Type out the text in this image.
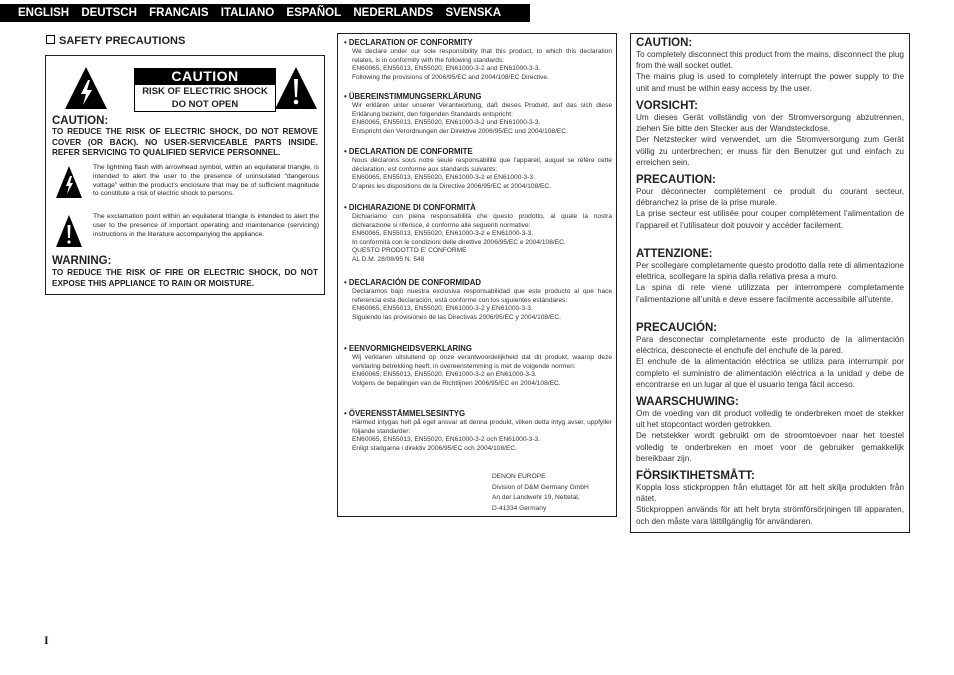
ENGLISH DEUTSCH FRANCAIS ITALIANO ESPAÑOL NEDERLANDS SVENSKA
SAFETY PRECAUTIONS
CAUTION
RISK OF ELECTRIC SHOCK
DO NOT OPEN
CAUTION:
TO REDUCE THE RISK OF ELECTRIC SHOCK, DO NOT REMOVE COVER (OR BACK). NO USER-SERVICEABLE PARTS INSIDE. REFER SERVICING TO QUALIFIED SERVICE PERSONNEL.
The lightning flash with arrowhead symbol, within an equilateral triangle, is intended to alert the user to the presence of uninsulated “dangerous voltage” within the product’s enclosure that may be of sufficient magnitude to constitute a risk of electric shock to persons.
The exclamation point within an equilateral triangle is intended to alert the user to the presence of important operating and maintenance (servicing) instructions in the literature accompanying the appliance.
WARNING:
TO REDUCE THE RISK OF FIRE OR ELECTRIC SHOCK, DO NOT EXPOSE THIS APPLIANCE TO RAIN OR MOISTURE.
• DECLARATION OF CONFORMITY
We declare under our sole responsibility that this product, to which this declaration relates, is in conformity with the following standards:
EN60065, EN55013, EN55020, EN61000-3-2 and EN61000-3-3.
Following the provisions of 2006/95/EC and 2004/108/EC Directive.
• ÜBEREINSTIMMUNGSERKLÄRUNG
Wir erklären unter unserer Verantwortung, daß dieses Produkt, auf das sich diese Erklärung bezieht, den folgenden Standards entspricht:
EN60065, EN55013, EN55020, EN61000-3-2 und EN61000-3-3.
Entspricht den Verordnungen der Direktive 2006/95/EC und 2004/108/EC.
• DECLARATION DE CONFORMITE
Nous déclarons sous notre seule responsabilité que l’appareil, auquel se réfère cette déclaration, est conforme aux standards suivants:
EN60065, EN55013, EN55020, EN61000-3-2 et EN61000-3-3.
D’après les dispositions de la Directive 2006/95/EC et 2004/108/EC.
• DICHIARAZIONE DI CONFORMITÀ
Dichiariamo con piena responsabilità che questo prodotto, al quale la nostra dichiarazione si riferisce, è conforme alle seguenti normative:
EN60065, EN55013, EN55020, EN61000-3-2 e EN61000-3-3.
In conformità con le condizioni delle direttive 2006/95/EC e 2004/108/EC.
QUESTO PRODOTTO E’ CONFORME
AL D.M. 28/08/95 N. 548
• DECLARACIÓN DE CONFORMIDAD
Declaramos bajo nuestra exclusiva responsabilidad que este producto al que hace referencia esta declaración, está conforme con los siguientes estándares:
EN60065, EN55013, EN55020, EN61000-3-2 y EN61000-3-3.
Siguiendo las provisiones de las Directivas 2006/95/EC y 2004/108/EC.
• EENVORMIGHEIDSVERKLARING
Wij verklaren uitsluitend op onze verantwoordelijkheid dat dit produkt, waarop deze verklaring betrekking heeft, in overeenstemming is met de volgende normen:
EN60065, EN55013, EN55020, EN61000-3-2 en EN61000-3-3.
Volgens de bepalingen van de Richtlijnen 2006/95/EC en 2004/108/EC.
• ÖVERENSSTÄMMELSESINTYG
Härmed intygas helt på eget ansvar att denna produkt, vilken detta intyg avser, uppfyller följande standarder:
EN60065, EN55013, EN55020, EN61000-3-2 och EN61000-3-3.
Enligt stadgarna i direktiv 2006/95/EC och 2004/108/EC.
DENON EUROPE
Division of D&M Germany GmbH
An der Landwehr 19, Nettetal,
D-41334 Germany
CAUTION:
To completely disconnect this product from the mains, disconnect the plug from the wall socket outlet.
The mains plug is used to completely interrupt the power supply to the unit and must be within easy access by the user.
VORSICHT:
Um dieses Gerät vollständig von der Stromversorgung abzutrennen, ziehen Sie bitte den Stecker aus der Wandsteckdose.
Der Netzstecker wird verwendet, um die Stromversorgung zum Gerät völlig zu unterbrechen; er muss für den Benutzer gut und einfach zu erreichen sein.
PRECAUTION:
Pour déconnecter complètement ce produit du courant secteur, débranchez la prise de la prise murale.
La prise secteur est utilisée pour couper complètement l’alimentation de l’appareil et l’utilisateur doit pouvoir y accéder facilement.
ATTENZIONE:
Per scollegare completamente questo prodotto dalla rete di alimentazione elettrica, scollegare la spina dalla relativa presa a muro.
La spina di rete viene utilizzata per interrompere completamente l’alimentazione all’unità e deve essere facilmente accessibile all’utente.
PRECAUCIÓN:
Para desconectar completamente este producto de la alimentación eléctrica, desconecte el enchufe del enchufe de la pared.
El enchufe de la alimentación eléctrica se utiliza para interrumpir por completo el suministro de alimentación eléctrica a la unidad y debe de encontrarse en un lugar al que el usuario tenga fácil acceso.
WAARSCHUWING:
Om de voeding van dit product volledig te onderbreken moet de stekker uit het stopcontact worden getrokken.
De netstekker wordt gebruikt om de stroomtoevoer naar het toestel volledig te onderbreken en moet voor de gebruiker gemakkelijk bereikbaar zijn.
FÖRSIKTIHETSMÅTT:
Koppla loss stickproppen från eluttaget för att helt skilja produkten från nätet.
Stickproppen används för att helt bryta strömförsörjningen till apparaten, och den måste vara lättillgänglig för användaren.
I
